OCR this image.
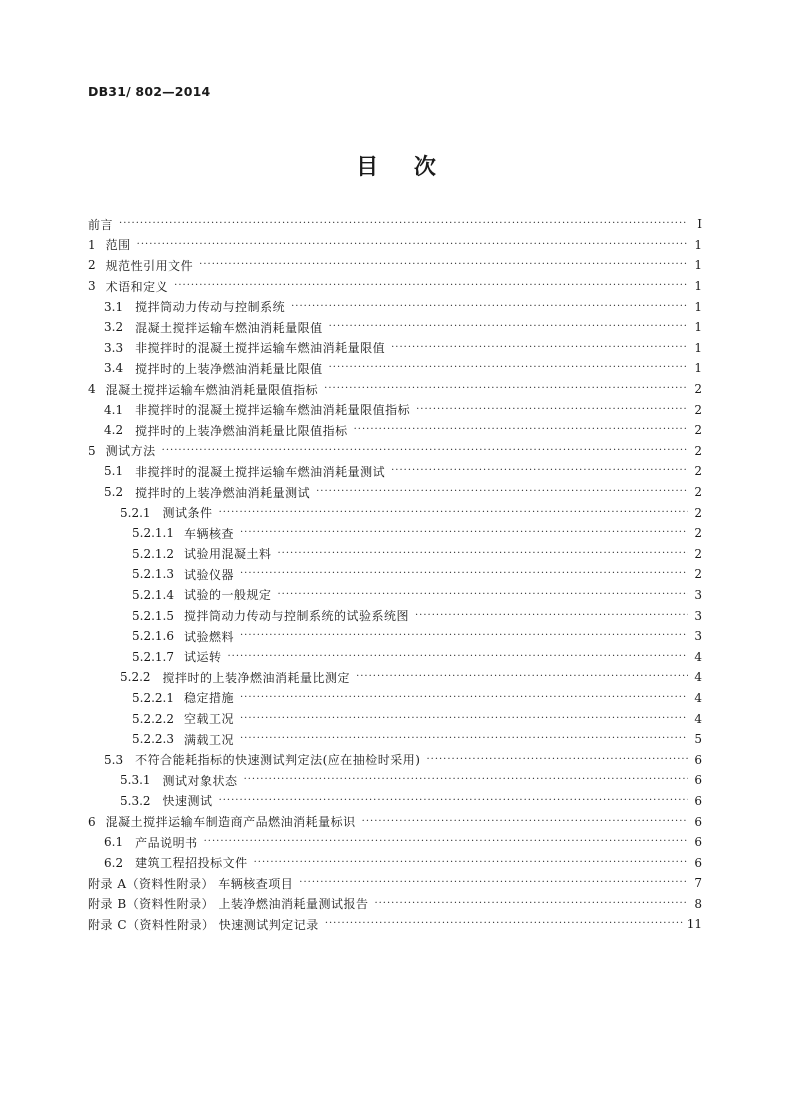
DB31/ 802—2014
目 次
前言 ·····	I
1 范围 ·····	1
2 规范性引用文件 ·····	1
3 术语和定义 ·····	1
3.1 搅拌筒动力传动与控制系统 ·····	1
3.2 混凝土搅拌运输车燃油消耗量限值 ·····	1
3.3 非搅拌时的混凝土搅拌运输车燃油消耗量限值 ·····	1
3.4 搅拌时的上装净燃油消耗量比限值 ·····	1
4 混凝土搅拌运输车燃油消耗量限值指标 ·····	2
4.1 非搅拌时的混凝土搅拌运输车燃油消耗量限值指标 ·····	2
4.2 搅拌时的上装净燃油消耗量比限值指标 ·····	2
5 测试方法 ·····	2
5.1 非搅拌时的混凝土搅拌运输车燃油消耗量测试 ·····	2
5.2 搅拌时的上装净燃油消耗量测试 ·····	2
5.2.1 测试条件 ·····	2
5.2.1.1 车辆核查 ·····	2
5.2.1.2 试验用混凝土料 ·····	2
5.2.1.3 试验仪器 ·····	2
5.2.1.4 试验的一般规定 ·····	3
5.2.1.5 搅拌筒动力传动与控制系统的试验系统图 ·····	3
5.2.1.6 试验燃料 ·····	3
5.2.1.7 试运转 ·····	4
5.2.2 搅拌时的上装净燃油消耗量比测定 ·····	4
5.2.2.1 稳定措施 ·····	4
5.2.2.2 空载工况 ·····	4
5.2.2.3 满载工况 ·····	5
5.3 不符合能耗指标的快速测试判定法(应在抽检时采用) ·····	6
5.3.1 测试对象状态 ·····	6
5.3.2 快速测试 ·····	6
6 混凝土搅拌运输车制造商产品燃油消耗量标识 ·····	6
6.1 产品说明书 ·····	6
6.2 建筑工程招投标文件 ·····	6
附录 A（资料性附录） 车辆核查项目 ·····	7
附录 B（资料性附录） 上装净燃油消耗量测试报告 ·····	8
附录 C（资料性附录） 快速测试判定记录 ·····	11
